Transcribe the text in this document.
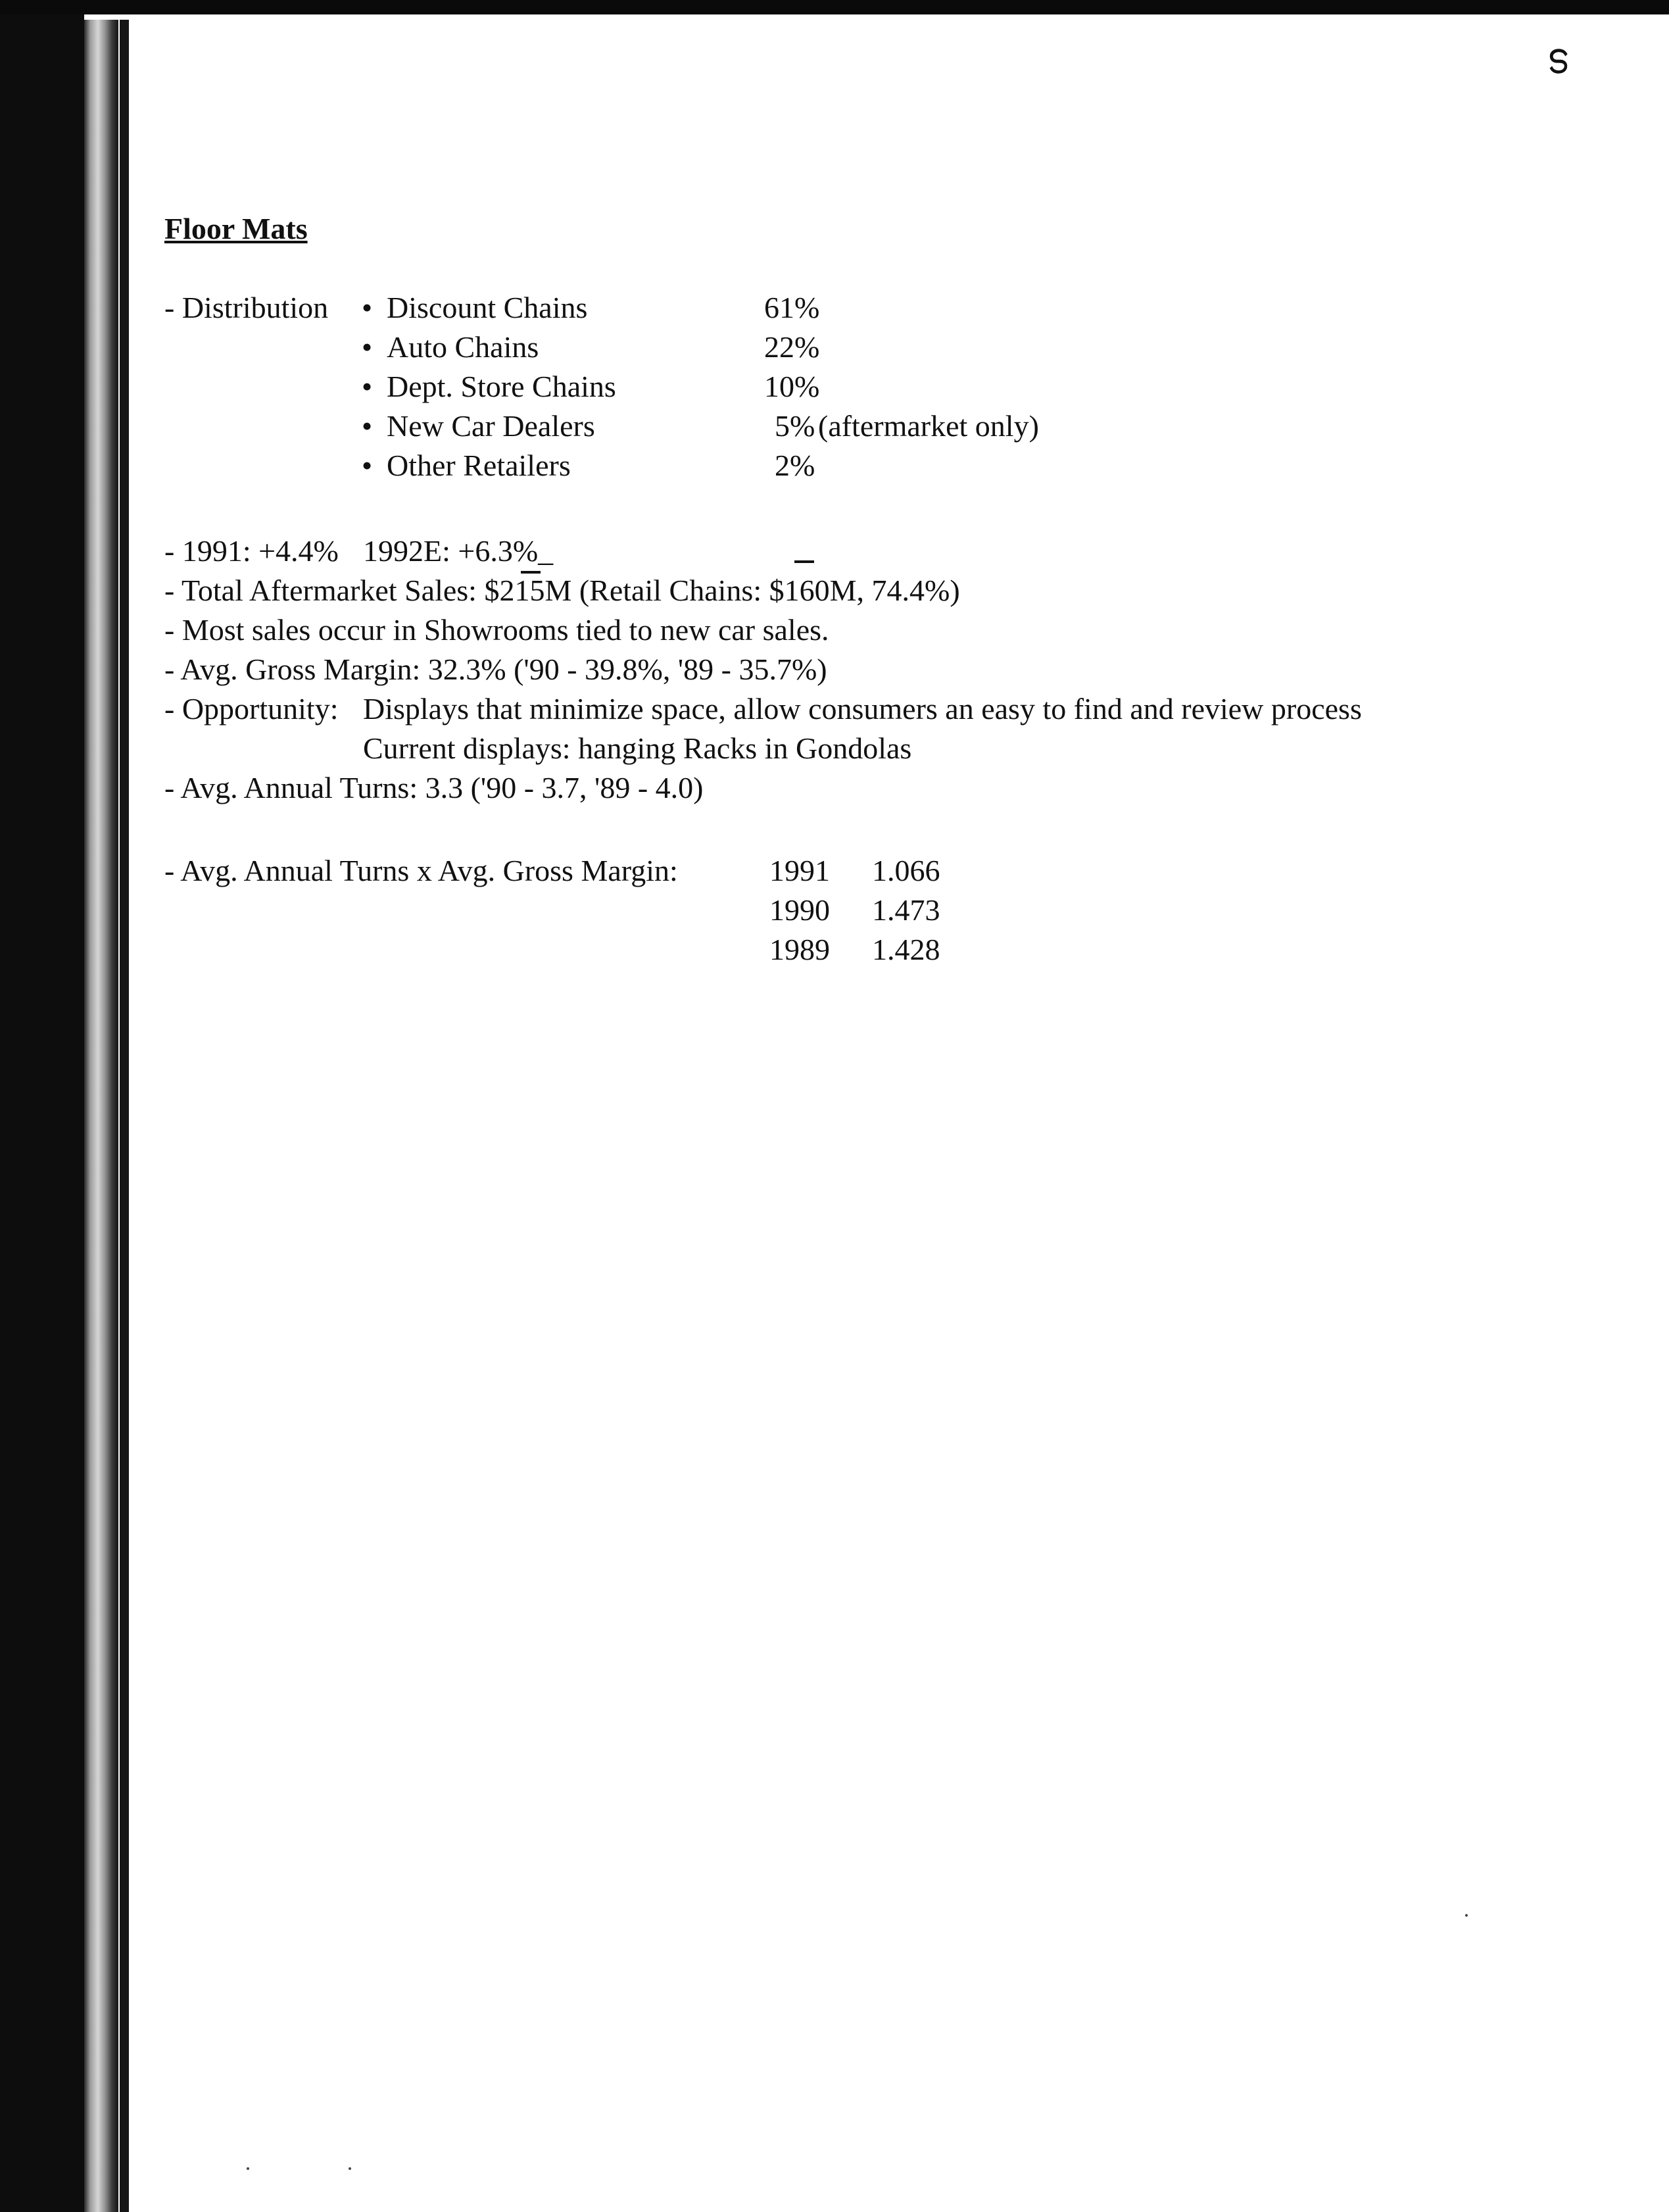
ഗ
Floor Mats
- Distribution • Discount Chains	61%
• Auto Chains	22%
• Dept. Store Chains	10%
• New Car Dealers	5% (aftermarket only)
• Other Retailers	2%
- 1991: +4.4% 1992E: +6.3%_
- Total Aftermarket Sales: $215M (Retail Chains: $160M, 74.4%)
- Most sales occur in Showrooms tied to new car sales.
- Avg. Gross Margin: 32.3% ('90 - 39.8%, '89 - 35.7%)
- Opportunity: Displays that minimize space, allow consumers an easy to find and review process
Current displays: hanging Racks in Gondolas
- Avg. Annual Turns: 3.3 ('90 - 3.7, '89 - 4.0)
- Avg. Annual Turns x Avg. Gross Margin:	1991 1.066
1990 1.473
1989 1.428
